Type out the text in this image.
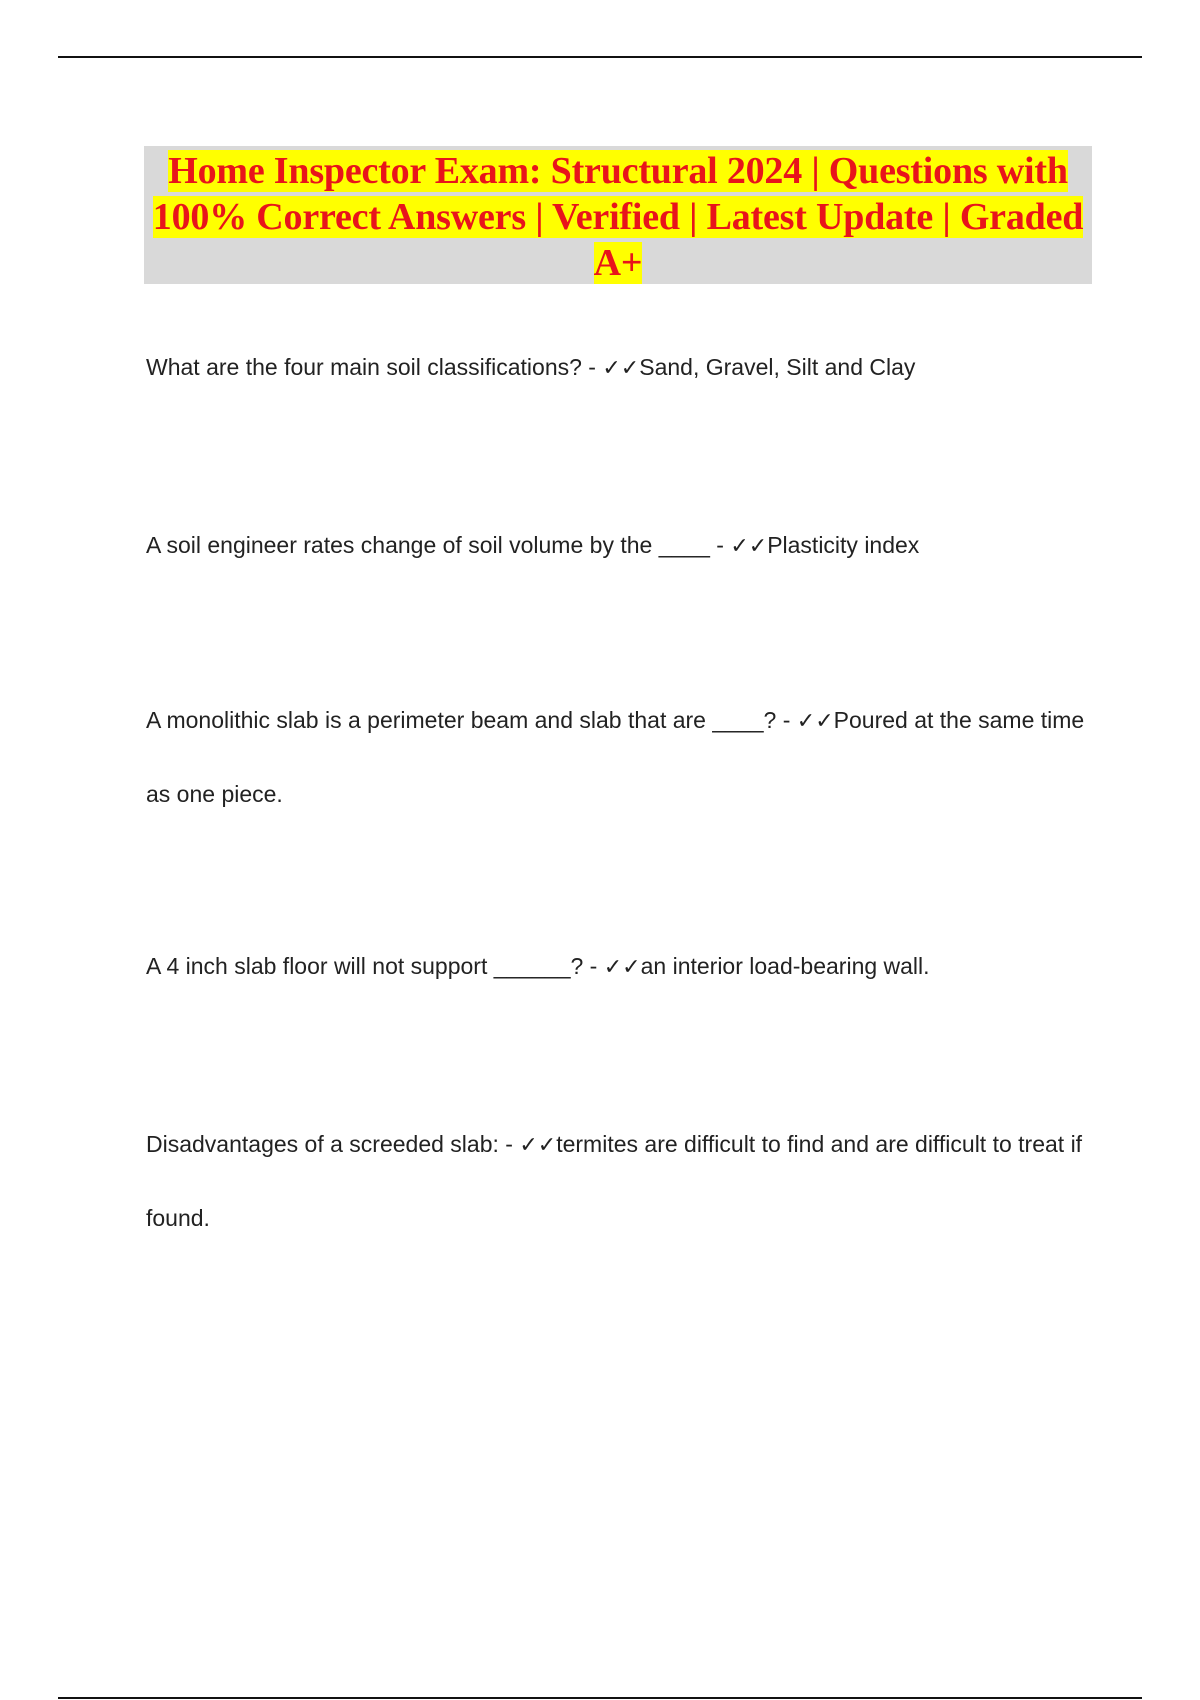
Home Inspector Exam: Structural 2024 | Questions with 100% Correct Answers | Verified | Latest Update | Graded A+
What are the four main soil classifications? - ✓✓Sand, Gravel, Silt and Clay
A soil engineer rates change of soil volume by the ____ - ✓✓Plasticity index
A monolithic slab is a perimeter beam and slab that are ____? - ✓✓Poured at the same time as one piece.
A 4 inch slab floor will not support ______? - ✓✓an interior load-bearing wall.
Disadvantages of a screeded slab: - ✓✓termites are difficult to find and are difficult to treat if found.
